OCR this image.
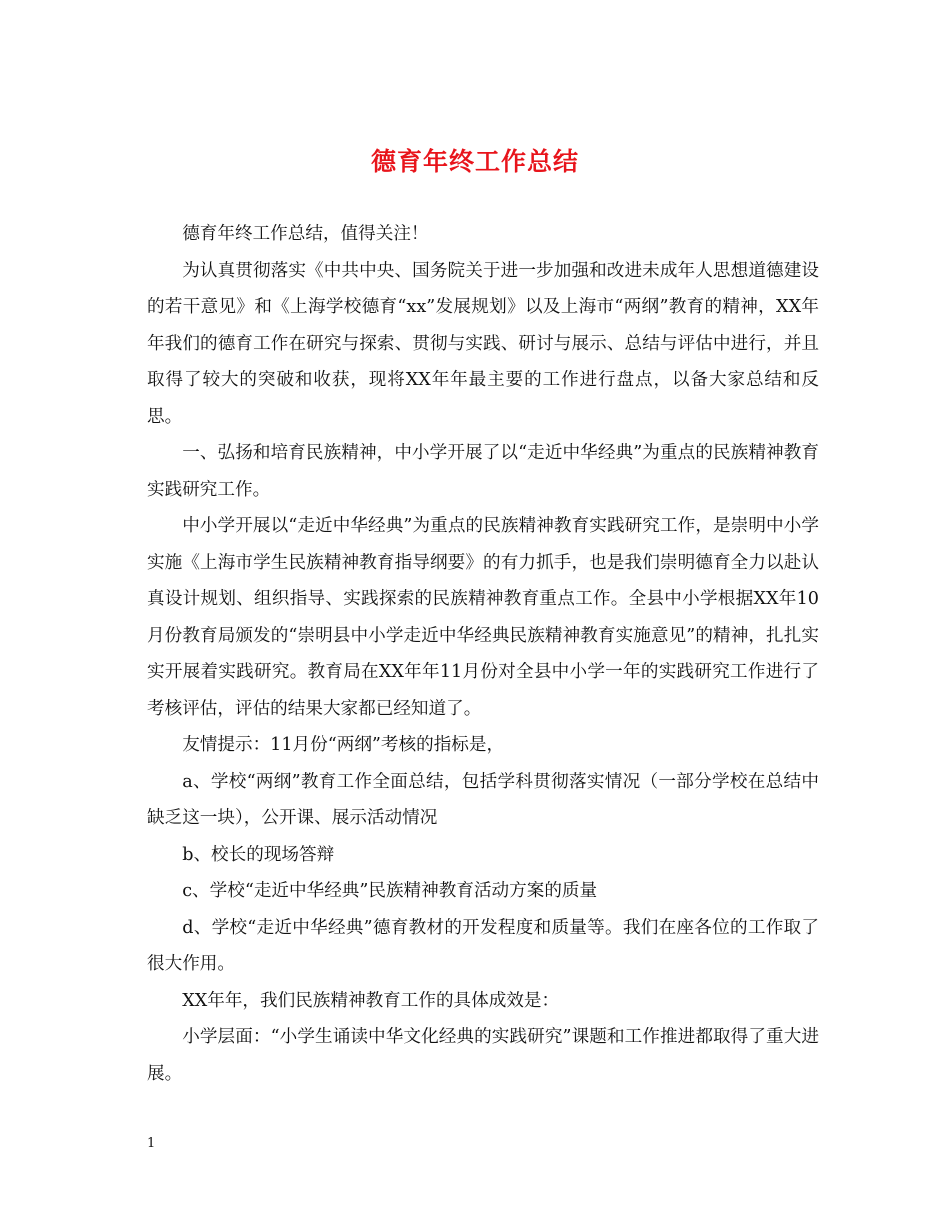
德育年终工作总结

德育年终工作总结，值得关注！

为认真贯彻落实《中共中央、国务院关于进一步加强和改进未成年人思想道德建设的若干意见》和《上海学校德育“xx”发展规划》以及上海市“两纲”教育的精神，XX年年我们的德育工作在研究与探索、贯彻与实践、研讨与展示、总结与评估中进行，并且取得了较大的突破和收获，现将XX年年最主要的工作进行盘点，以备大家总结和反思。

一、弘扬和培育民族精神，中小学开展了以“走近中华经典”为重点的民族精神教育实践研究工作。

中小学开展以“走近中华经典”为重点的民族精神教育实践研究工作，是崇明中小学实施《上海市学生民族精神教育指导纲要》的有力抓手，也是我们崇明德育全力以赴认真设计规划、组织指导、实践探索的民族精神教育重点工作。全县中小学根据XX年10月份教育局颁发的“崇明县中小学走近中华经典民族精神教育实施意见”的精神，扎扎实实开展着实践研究。教育局在XX年年11月份对全县中小学一年的实践研究工作进行了考核评估，评估的结果大家都已经知道了。

友情提示：11月份“两纲”考核的指标是，

a、学校“两纲”教育工作全面总结，包括学科贯彻落实情况（一部分学校在总结中缺乏这一块），公开课、展示活动情况

b、校长的现场答辩

c、学校“走近中华经典”民族精神教育活动方案的质量

d、学校“走近中华经典”德育教材的开发程度和质量等。我们在座各位的工作取了很大作用。

XX年年，我们民族精神教育工作的具体成效是：

小学层面：“小学生诵读中华文化经典的实践研究”课题和工作推进都取得了重大进展。

1
